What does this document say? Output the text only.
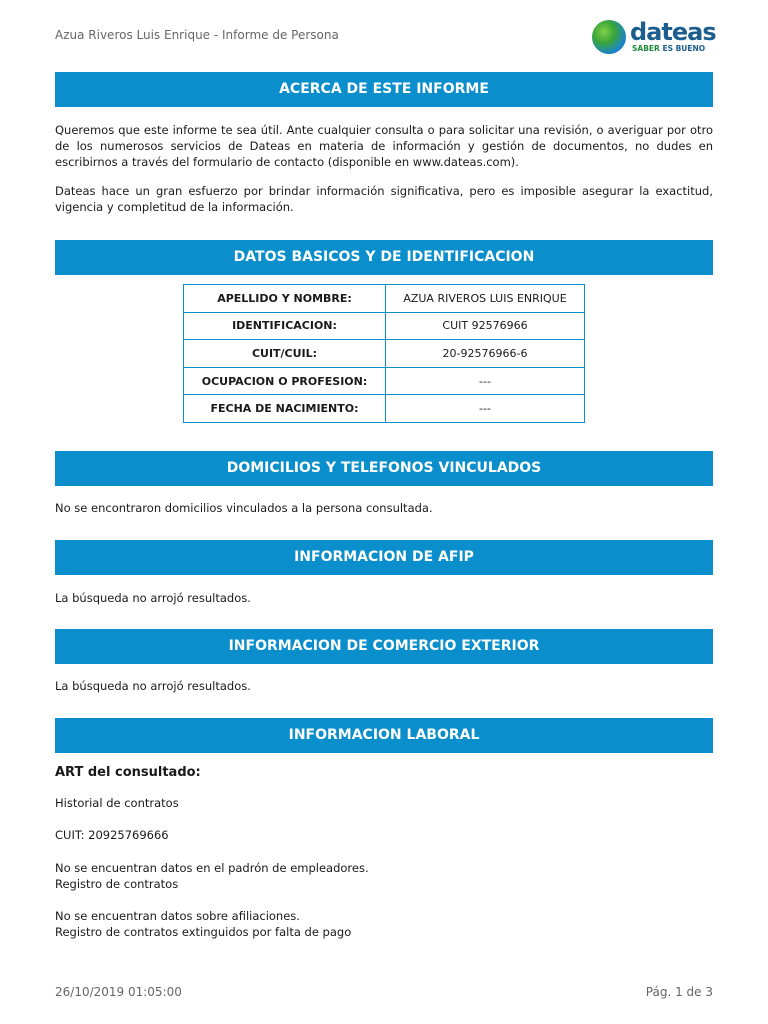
Azua Riveros Luis Enrique - Informe de Persona	dateas
SABER ES BUENO
ACERCA DE ESTE INFORME
Queremos que este informe te sea útil. Ante cualquier consulta o para solicitar una revisión, o averiguar por otro de los numerosos servicios de Dateas en materia de información y gestión de documentos, no dudes en escribirnos a través del formulario de contacto (disponible en www.dateas.com).
Dateas hace un gran esfuerzo por brindar información significativa, pero es imposible asegurar la exactitud, vigencia y completitud de la información.
DATOS BASICOS Y DE IDENTIFICACION
APELLIDO Y NOMBRE:	AZUA RIVEROS LUIS ENRIQUE
IDENTIFICACION:	CUIT 92576966
CUIT/CUIL:	20-92576966-6
OCUPACION O PROFESION:	---
FECHA DE NACIMIENTO:	---
DOMICILIOS Y TELEFONOS VINCULADOS
No se encontraron domicilios vinculados a la persona consultada.
INFORMACION DE AFIP
La búsqueda no arrojó resultados.
INFORMACION DE COMERCIO EXTERIOR
La búsqueda no arrojó resultados.
INFORMACION LABORAL
ART del consultado:
Historial de contratos
CUIT: 20925769666
No se encuentran datos en el padrón de empleadores.
Registro de contratos
No se encuentran datos sobre afiliaciones.
Registro de contratos extinguidos por falta de pago
26/10/2019 01:05:00	Pág. 1 de 3
